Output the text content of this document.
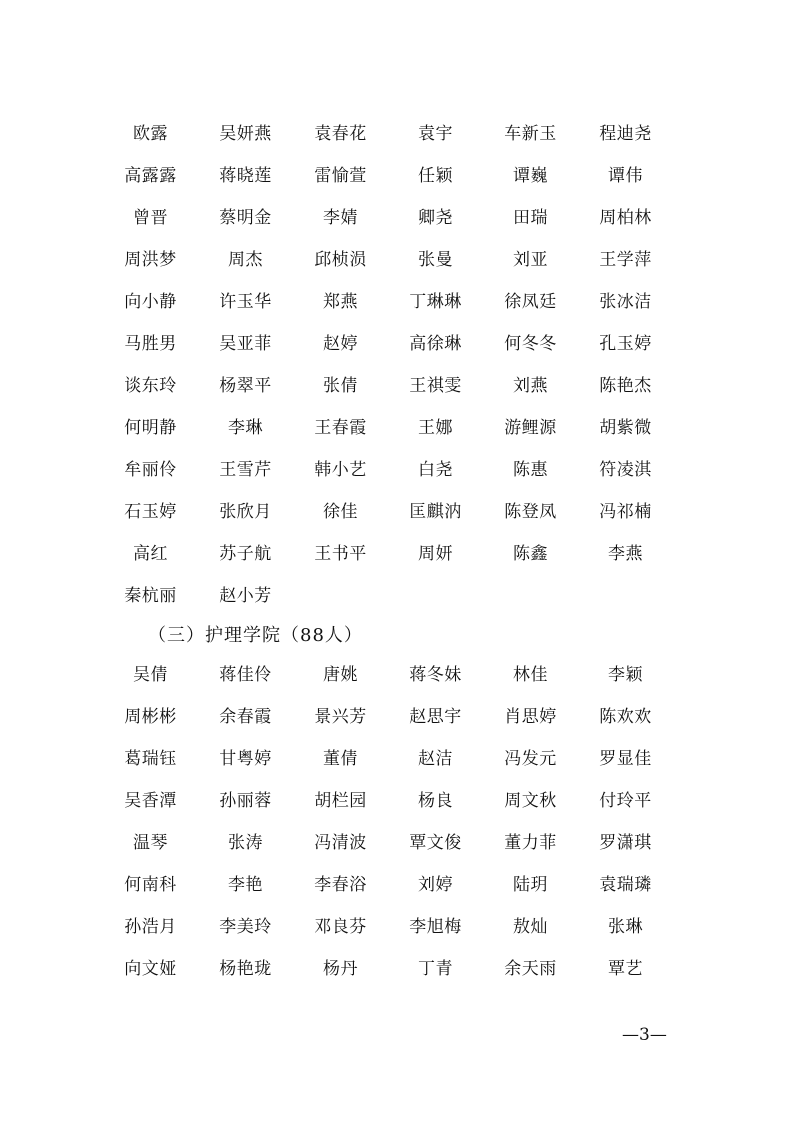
欧露	吴妍燕	袁春花	袁宇	车新玉	程迪尧
高露露	蒋晓莲	雷愉萱	任颖	谭巍	谭伟
曾晋	蔡明金	李婧	卿尧	田瑞	周柏林
周洪梦	周杰	邱桢涢	张曼	刘亚	王学萍
向小静	许玉华	郑燕	丁琳琳	徐凤廷	张冰洁
马胜男	吴亚菲	赵婷	高徐琳	何冬冬	孔玉婷
谈东玲	杨翠平	张倩	王祺雯	刘燕	陈艳杰
何明静	李琳	王春霞	王娜	游鲤源	胡紫微
牟丽伶	王雪芹	韩小艺	白尧	陈惠	符凌淇
石玉婷	张欣月	徐佳	匡麒汭	陈登凤	冯祁楠
高红	苏子航	王书平	周妍	陈鑫	李燕
秦杭丽	赵小芳
（三）护理学院（88人）
吴倩	蒋佳伶	唐姚	蒋冬妹	林佳	李颖
周彬彬	余春霞	景兴芳	赵思宇	肖思婷	陈欢欢
葛瑞钰	甘粤婷	董倩	赵洁	冯发元	罗显佳
吴香潭	孙丽蓉	胡栏园	杨良	周文秋	付玲平
温琴	张涛	冯清波	覃文俊	董力菲	罗潇琪
何南科	李艳	李春浴	刘婷	陆玥	袁瑞璘
孙浩月	李美玲	邓良芬	李旭梅	敖灿	张琳
向文娅	杨艳珑	杨丹	丁青	余天雨	覃艺
—3—
